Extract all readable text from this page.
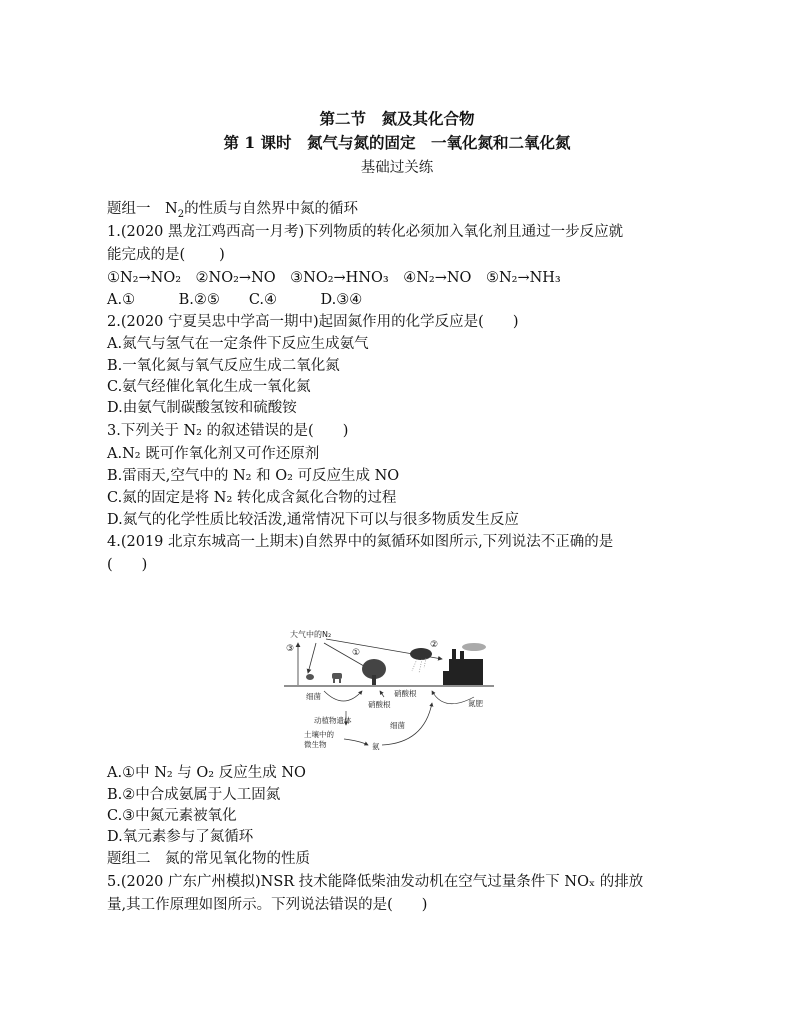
第二节　氮及其化合物
第 1 课时　氮气与氮的固定　一氧化氮和二氧化氮
基础过关练
题组一　$N_2$的性质与自然界中氮的循环
1.(2020 黑龙江鸡西高一月考)下列物质的转化必须加入氧化剂且通过一步反应就
能完成的是( )
①N₂→NO₂　②NO₂→NO　③NO₂→HNO₃　④N₂→NO　⑤N₂→NH₃
A.①　　　B.②⑤　　C.④　　　D.③④
2.(2020 宁夏吴忠中学高一期中)起固氮作用的化学反应是(　　)
A.氮气与氢气在一定条件下反应生成氨气
B.一氧化氮与氧气反应生成二氧化氮
C.氨气经催化氧化生成一氧化氮
D.由氨气制碳酸氢铵和硫酸铵
3.下列关于 N₂ 的叙述错误的是(　　)
A.N₂ 既可作氧化剂又可作还原剂
B.雷雨天,空气中的 N₂ 和 O₂ 可反应生成 NO
C.氮的固定是将 N₂ 转化成含氮化合物的过程
D.氮气的化学性质比较活泼,通常情况下可以与很多物质发生反应
4.(2019 北京东城高一上期末)自然界中的氮循环如图所示,下列说法不正确的是
(　　)
大气中的N₂
③	①
②
细菌	硝酸根
硝酸根	氮肥
动植物遗体
细菌
土壤中的
微生物	氨
A.①中 N₂ 与 O₂ 反应生成 NO
B.②中合成氨属于人工固氮
C.③中氮元素被氧化
D.氧元素参与了氮循环
题组二　氮的常见氧化物的性质
5.(2020 广东广州模拟)NSR 技术能降低柴油发动机在空气过量条件下 NOₓ 的排放
量,其工作原理如图所示。下列说法错误的是(　　)
